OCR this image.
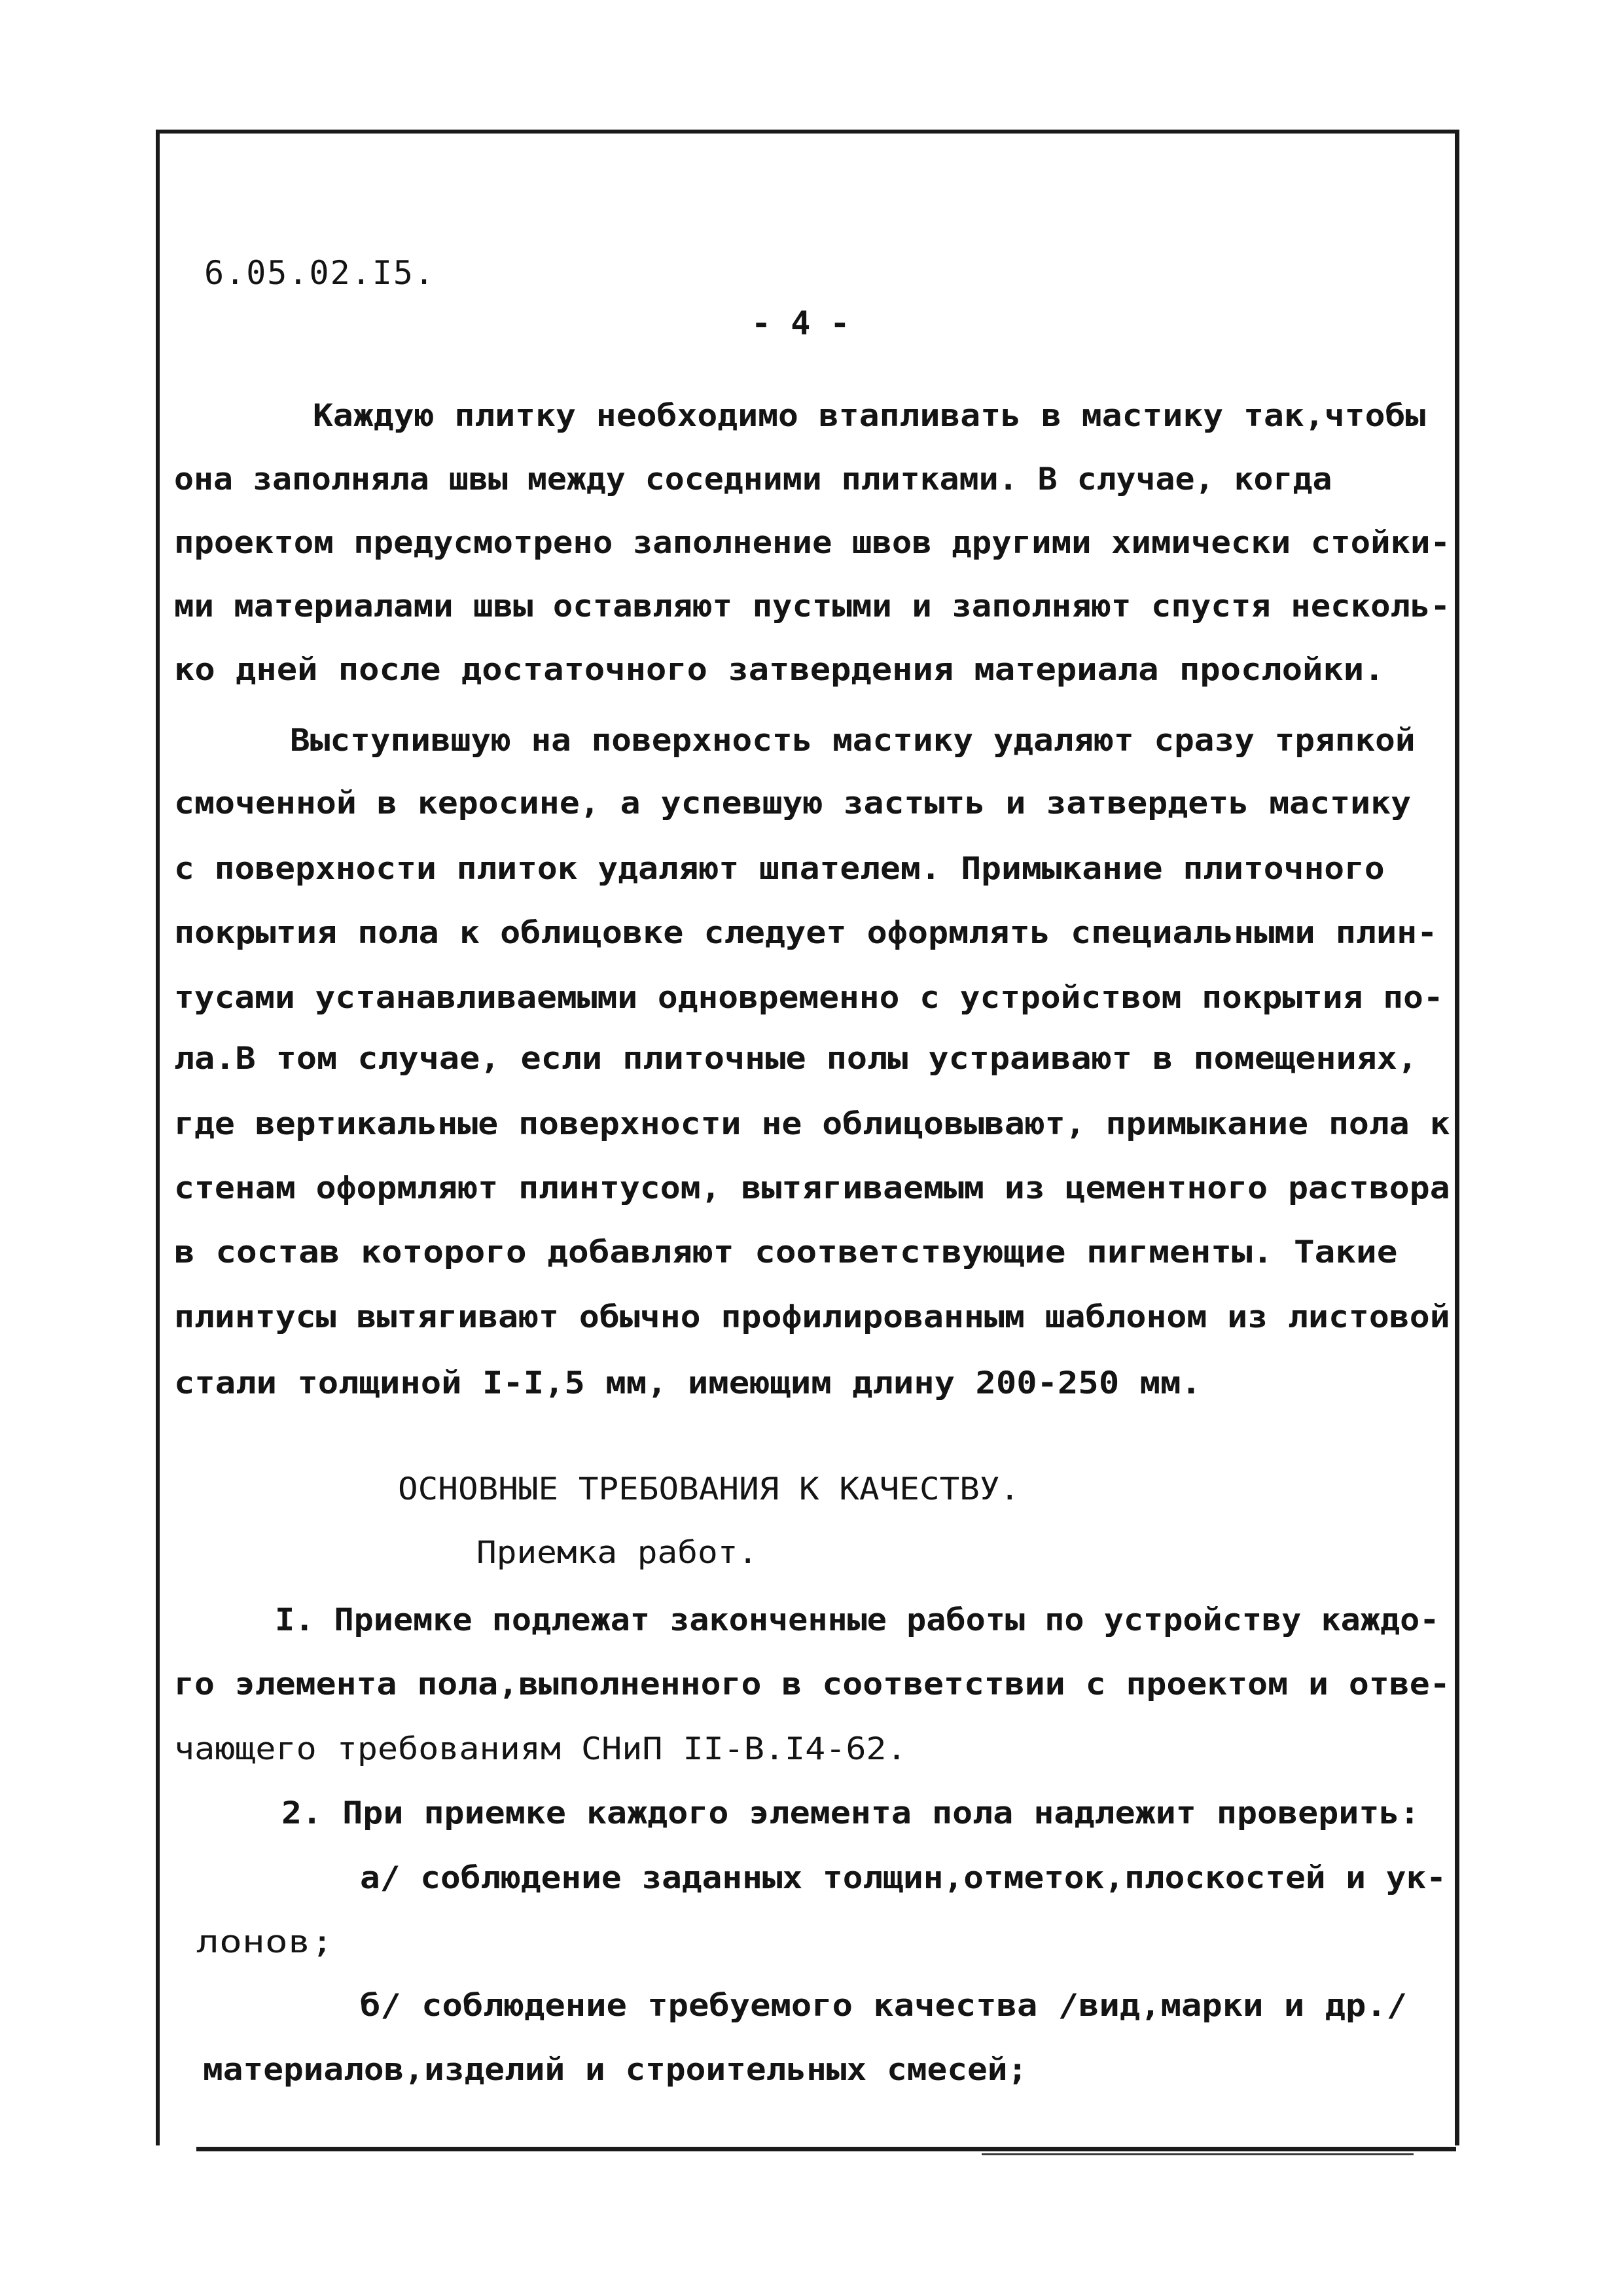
6.05.02.I5.
- 4 -
Каждую плитку необходимо втапливать в мастику так,чтобы
она заполняла швы между соседними плитками. В случае, когда
проектом предусмотрено заполнение швов другими химически стойки-
ми материалами швы оставляют пустыми и заполняют спустя несколь-
ко дней после достаточного затвердения материала прослойки.
Выступившую на поверхность мастику удаляют сразу тряпкой
смоченной в керосине, а успевшую застыть и затвердеть мастику
с поверхности плиток удаляют шпателем. Примыкание плиточного
покрытия пола к облицовке следует оформлять специальными плин-
тусами устанавливаемыми одновременно с устройством покрытия по-
ла.В том случае, если плиточные полы устраивают в помещениях,
где вертикальные поверхности не облицовывают, примыкание пола к
стенам оформляют плинтусом, вытягиваемым из цементного раствора
в состав которого добавляют соответствующие пигменты. Такие
плинтусы вытягивают обычно профилированным шаблоном из листовой
стали толщиной I-I,5 мм, имеющим длину 200-250 мм.
ОСНОВНЫЕ ТРЕБОВАНИЯ К КАЧЕСТВУ.
Приемка работ.
I. Приемке подлежат законченные работы по устройству каждо-
го элемента пола,выполненного в соответствии с проектом и отве-
чающего требованиям СНиП II-В.I4-62.
2. При приемке каждого элемента пола надлежит проверить:
а/ соблюдение заданных толщин,отметок,плоскостей и ук-
лонов;
б/ соблюдение требуемого качества /вид,марки и др./
материалов,изделий и строительных смесей;
